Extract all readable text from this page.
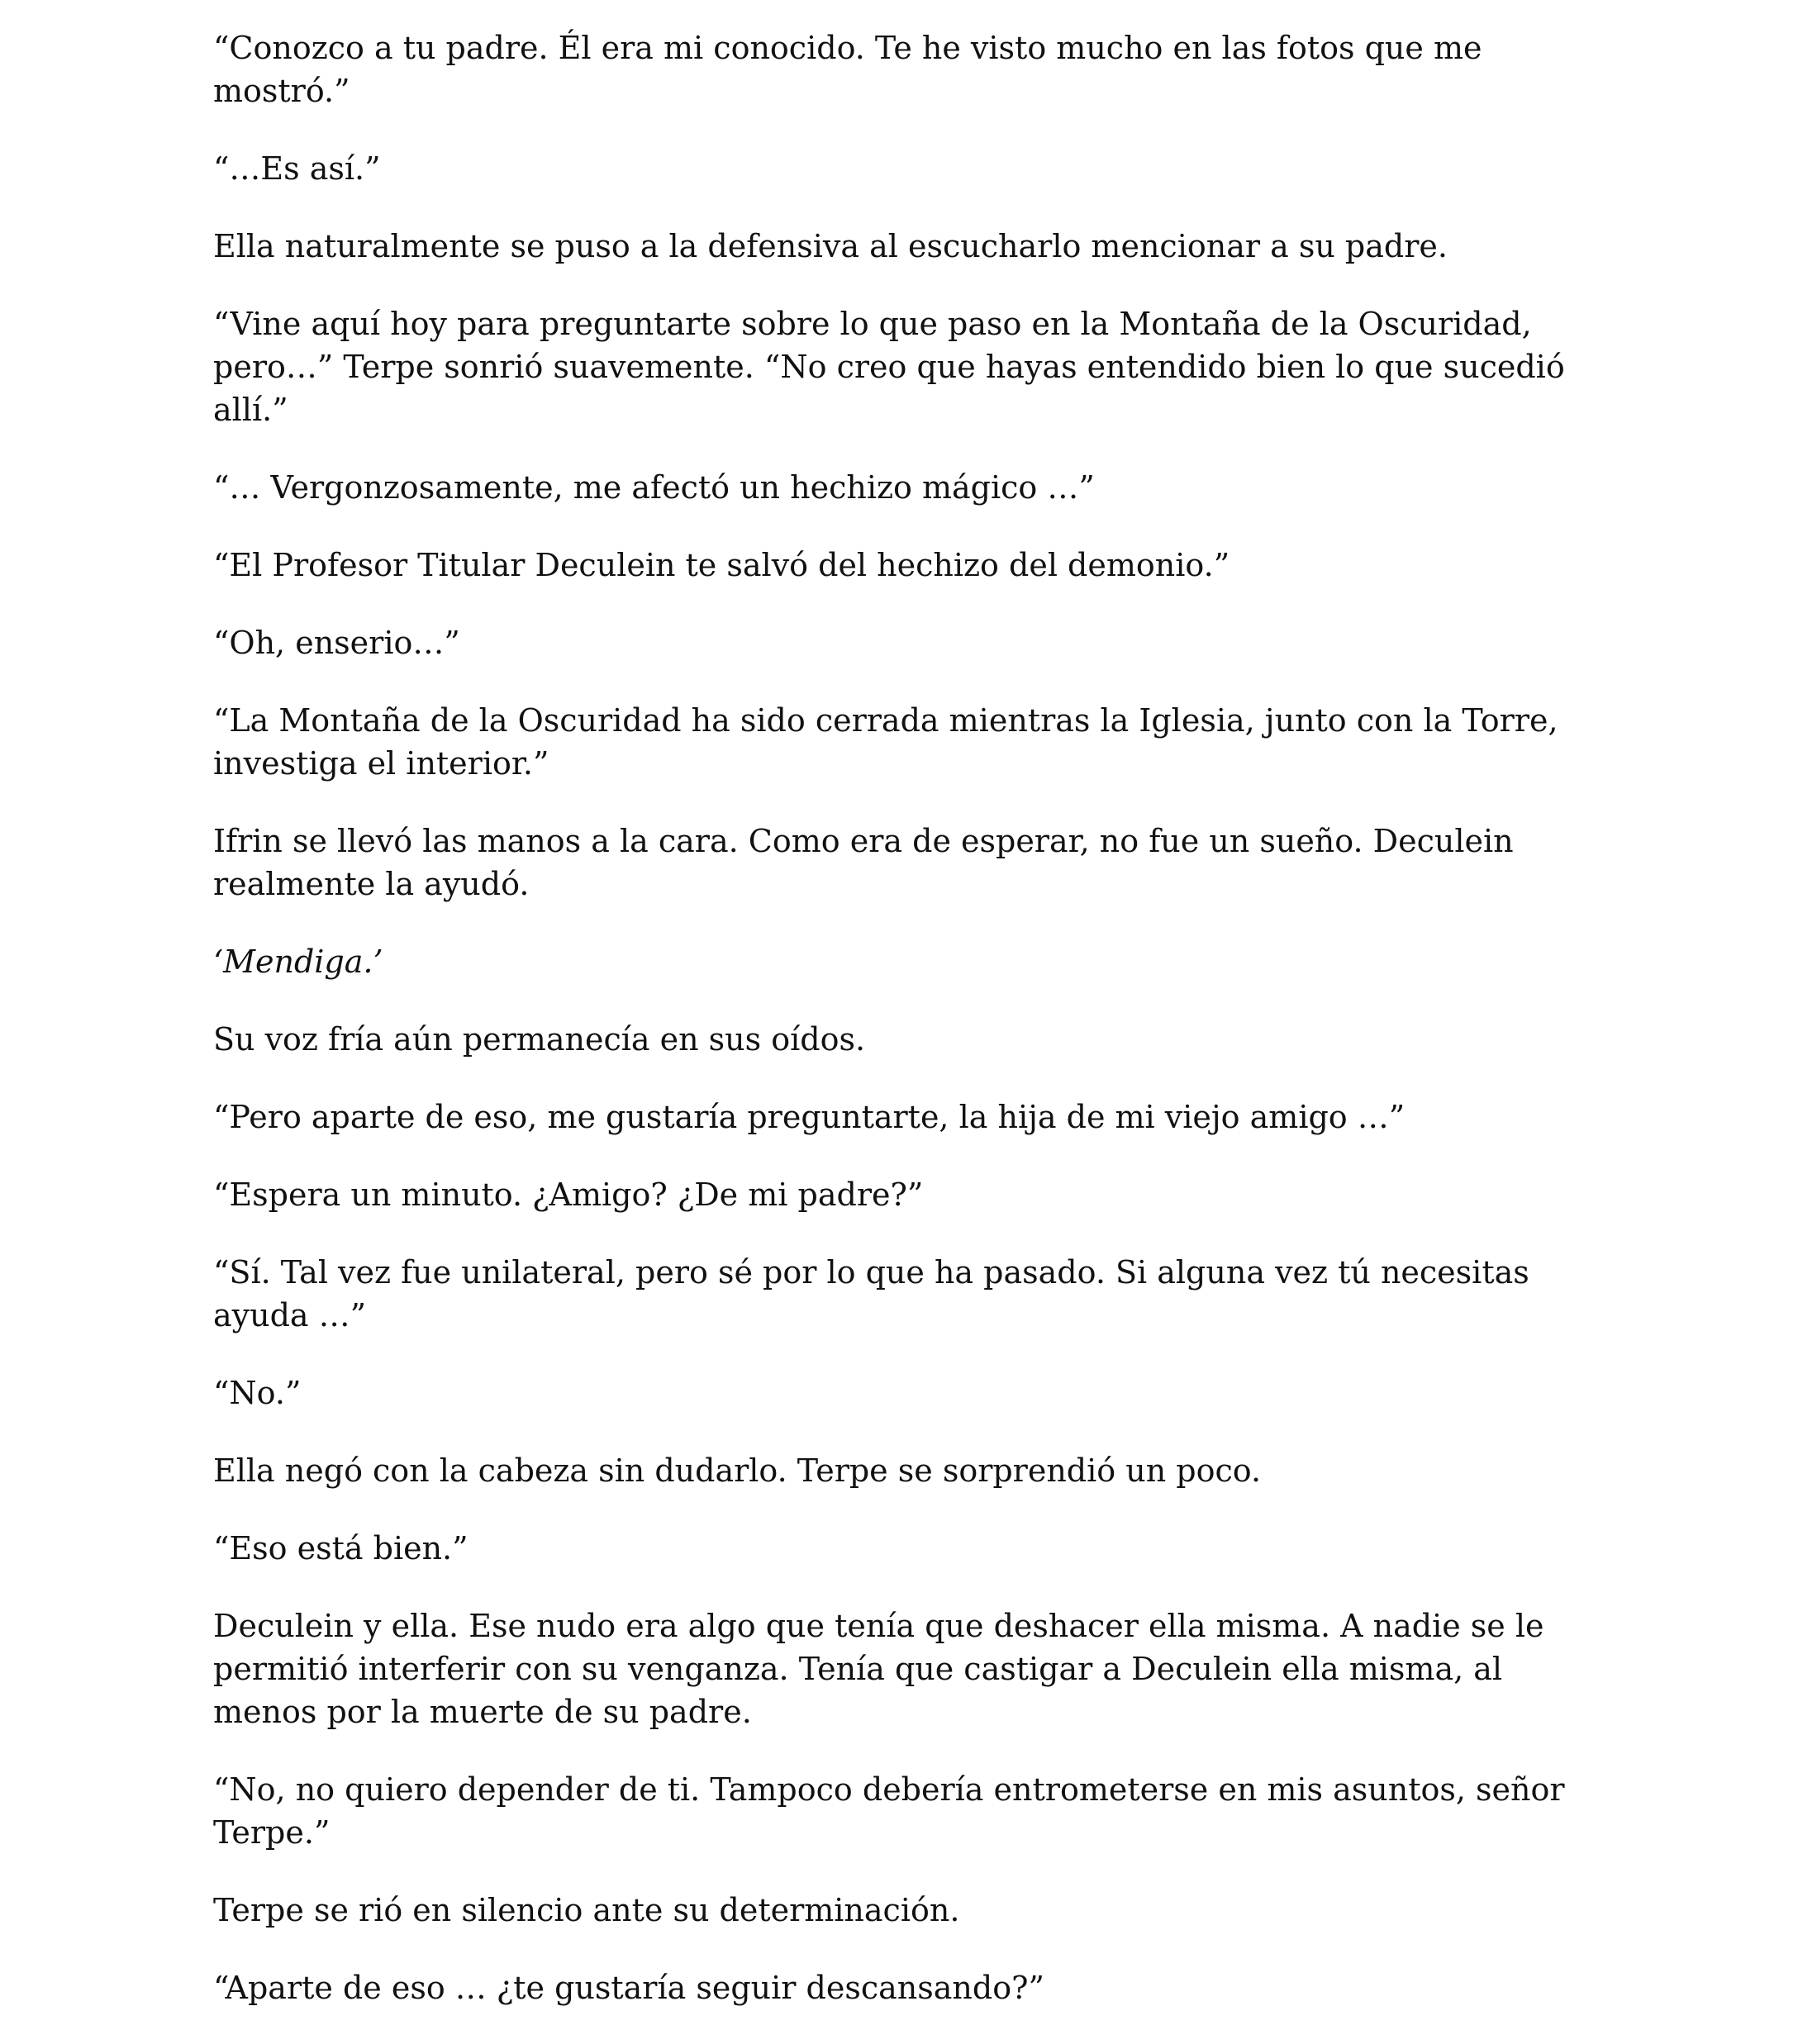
“Conozco a tu padre. Él era mi conocido. Te he visto mucho en las fotos que me mostró.”

“…Es así.”

Ella naturalmente se puso a la defensiva al escucharlo mencionar a su padre.

“Vine aquí hoy para preguntarte sobre lo que paso en la Montaña de la Oscuridad, pero…” Terpe sonrió suavemente. “No creo que hayas entendido bien lo que sucedió allí.”

“… Vergonzosamente, me afectó un hechizo mágico …”

“El Profesor Titular Deculein te salvó del hechizo del demonio.”

“Oh, enserio…”

“La Montaña de la Oscuridad ha sido cerrada mientras la Iglesia, junto con la Torre, investiga el interior.”

Ifrin se llevó las manos a la cara. Como era de esperar, no fue un sueño. Deculein realmente la ayudó.

‘Mendiga.’

Su voz fría aún permanecía en sus oídos.

“Pero aparte de eso, me gustaría preguntarte, la hija de mi viejo amigo …”

“Espera un minuto. ¿Amigo? ¿De mi padre?”

“Sí. Tal vez fue unilateral, pero sé por lo que ha pasado. Si alguna vez tú necesitas ayuda …”

“No.”

Ella negó con la cabeza sin dudarlo. Terpe se sorprendió un poco.

“Eso está bien.”

Deculein y ella. Ese nudo era algo que tenía que deshacer ella misma. A nadie se le permitió interferir con su venganza. Tenía que castigar a Deculein ella misma, al menos por la muerte de su padre.

“No, no quiero depender de ti. Tampoco debería entrometerse en mis asuntos, señor Terpe.”

Terpe se rió en silencio ante su determinación.

“Aparte de eso … ¿te gustaría seguir descansando?”
